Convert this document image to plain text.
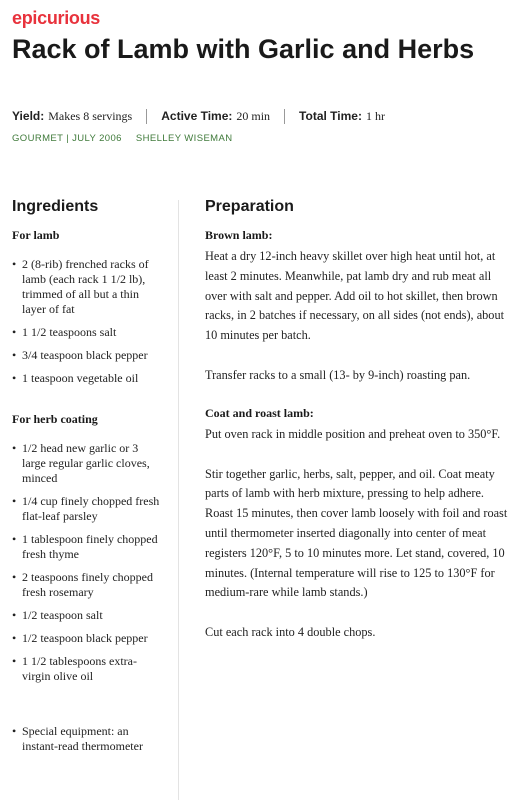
epicurious
Rack of Lamb with Garlic and Herbs
Yield: Makes 8 servings Active Time: 20 min Total Time: 1 hr
GOURMET | JULY 2006 SHELLEY WISEMAN
Ingredients
For lamb
• 2 (8-rib) frenched racks of lamb (each rack 1 1/2 lb), trimmed of all but a thin layer of fat
• 1 1/2 teaspoons salt
• 3/4 teaspoon black pepper
• 1 teaspoon vegetable oil
For herb coating
• 1/2 head new garlic or 3 large regular garlic cloves, minced
• 1/4 cup finely chopped fresh flat-leaf parsley
• 1 tablespoon finely chopped fresh thyme
• 2 teaspoons finely chopped fresh rosemary
• 1/2 teaspoon salt
• 1/2 teaspoon black pepper
• 1 1/2 tablespoons extra-virgin olive oil
• Special equipment: an instant-read thermometer
Preparation
Brown lamb:

Heat a dry 12-inch heavy skillet over high heat until hot, at least 2 minutes. Meanwhile, pat lamb dry and rub meat all over with salt and pepper. Add oil to hot skillet, then brown racks, in 2 batches if necessary, on all sides (not ends), about 10 minutes per batch.

Transfer racks to a small (13- by 9-inch) roasting pan.

Coat and roast lamb:

Put oven rack in middle position and preheat oven to 350°F.

Stir together garlic, herbs, salt, pepper, and oil. Coat meaty parts of lamb with herb mixture, pressing to help adhere. Roast 15 minutes, then cover lamb loosely with foil and roast until thermometer inserted diagonally into center of meat registers 120°F, 5 to 10 minutes more. Let stand, covered, 10 minutes. (Internal temperature will rise to 125 to 130°F for medium-rare while lamb stands.)

Cut each rack into 4 double chops.
